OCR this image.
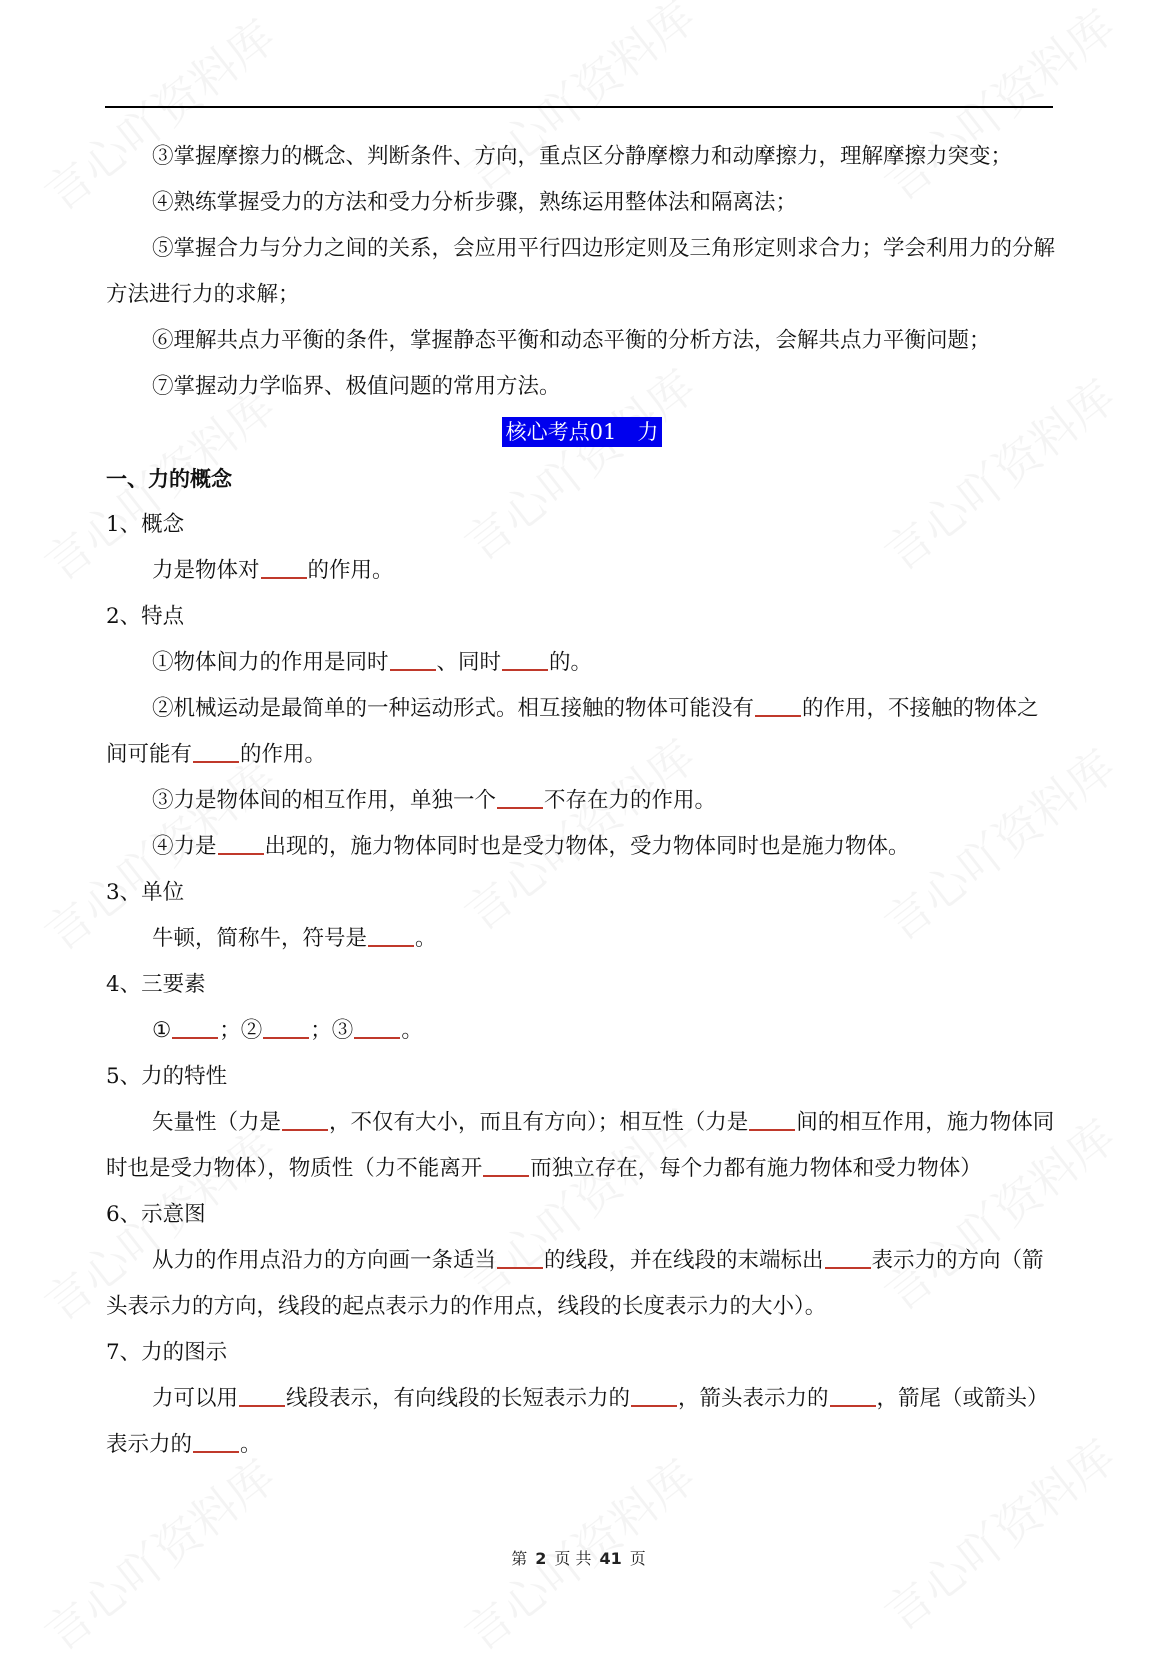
③掌握摩擦力的概念、判断条件、方向，重点区分静摩檫力和动摩擦力，理解摩擦力突变；

④熟练掌握受力的方法和受力分析步骤，熟练运用整体法和隔离法；

⑤掌握合力与分力之间的关系，会应用平行四边形定则及三角形定则求合力；学会利用力的分解方法进行力的求解；

⑥理解共点力平衡的条件，掌握静态平衡和动态平衡的分析方法，会解共点力平衡问题；

⑦掌握动力学临界、极值问题的常用方法。

核心考点01　力

一、力的概念

1、概念

力是物体对 的作用。

2、特点

①物体间力的作用是同时 、同时 的。

②机械运动是最简单的一种运动形式。相互接触的物体可能没有 的作用，不接触的物体之间可能有 的作用。

③力是物体间的相互作用，单独一个 不存在力的作用。

④力是 出现的，施力物体同时也是受力物体，受力物体同时也是施力物体。

3、单位

牛顿，简称牛，符号是 。

4、三要素

① ；② ；③ 。

5、力的特性

矢量性（力是 ，不仅有大小，而且有方向）；相互性（力是 间的相互作用，施力物体同时也是受力物体），物质性（力不能离开 而独立存在，每个力都有施力物体和受力物体）

6、示意图

从力的作用点沿力的方向画一条适当 的线段，并在线段的末端标出 表示力的方向（箭头表示力的方向，线段的起点表示力的作用点，线段的长度表示力的大小）。

7、力的图示

力可以用 线段表示，有向线段的长短表示力的 ，箭头表示力的 ，箭尾（或箭头）表示力的 。

第 2 页 共 41 页
